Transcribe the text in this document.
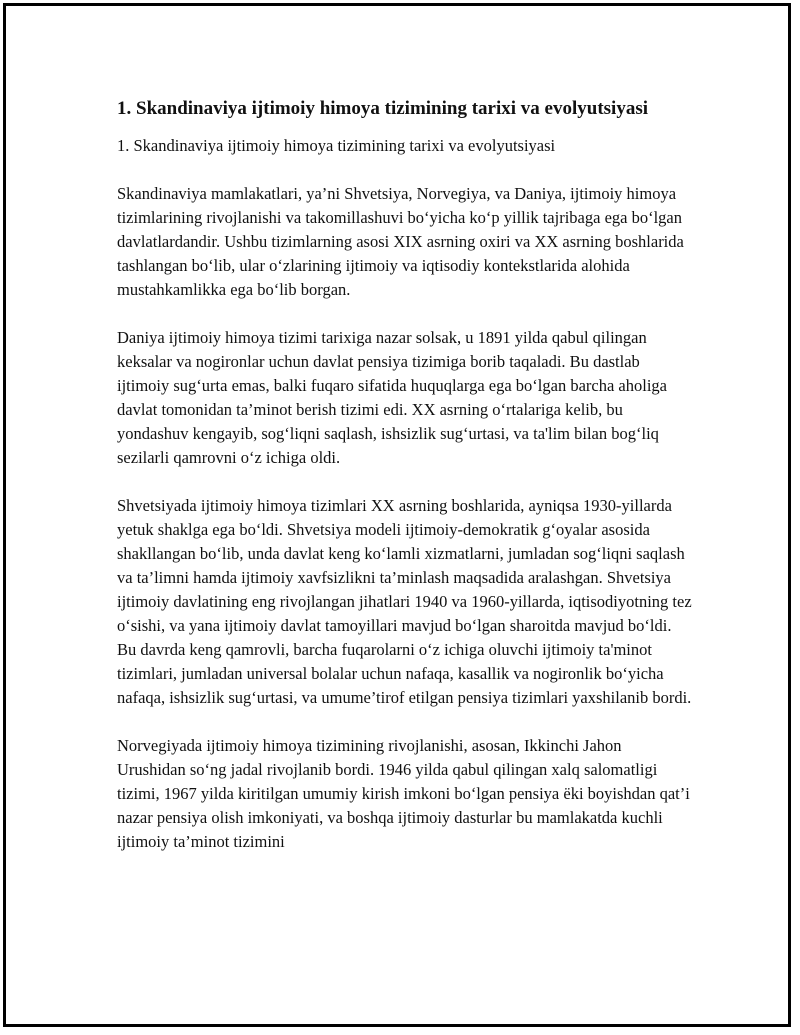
1. Skandinaviya ijtimoiy himoya tizimining tarixi va evolyutsiyasi

1. Skandinaviya ijtimoiy himoya tizimining tarixi va evolyutsiyasi

Skandinaviya mamlakatlari, ya’ni Shvetsiya, Norvegiya, va Daniya, ijtimoiy himoya tizimlarining rivojlanishi va takomillashuvi bo‘yicha ko‘p yillik tajribaga ega bo‘lgan davlatlardandir. Ushbu tizimlarning asosi XIX asrning oxiri va XX asrning boshlarida tashlangan bo‘lib, ular o‘zlarining ijtimoiy va iqtisodiy kontekstlarida alohida mustahkamlikka ega bo‘lib borgan.

Daniya ijtimoiy himoya tizimi tarixiga nazar solsak, u 1891 yilda qabul qilingan keksalar va nogironlar uchun davlat pensiya tizimiga borib taqaladi. Bu dastlab ijtimoiy sug‘urta emas, balki fuqaro sifatida huquqlarga ega bo‘lgan barcha aholiga davlat tomonidan ta’minot berish tizimi edi. XX asrning o‘rtalariga kelib, bu yondashuv kengayib, sog‘liqni saqlash, ishsizlik sug‘urtasi, va ta'lim bilan bog‘liq sezilarli qamrovni o‘z ichiga oldi.

Shvetsiyada ijtimoiy himoya tizimlari XX asrning boshlarida, ayniqsa 1930-yillarda yetuk shaklga ega bo‘ldi. Shvetsiya modeli ijtimoiy-demokratik g‘oyalar asosida shakllangan bo‘lib, unda davlat keng ko‘lamli xizmatlarni, jumladan sog‘liqni saqlash va ta’limni hamda ijtimoiy xavfsizlikni ta’minlash maqsadida aralashgan. Shvetsiya ijtimoiy davlatining eng rivojlangan jihatlari 1940 va 1960-yillarda, iqtisodiyotning tez o‘sishi, va yana ijtimoiy davlat tamoyillari mavjud bo‘lgan sharoitda mavjud bo‘ldi. Bu davrda keng qamrovli, barcha fuqarolarni o‘z ichiga oluvchi ijtimoiy ta'minot tizimlari, jumladan universal bolalar uchun nafaqa, kasallik va nogironlik bo‘yicha nafaqa, ishsizlik sug‘urtasi, va umume’tirof etilgan pensiya tizimlari yaxshilanib bordi.

Norvegiyada ijtimoiy himoya tizimining rivojlanishi, asosan, Ikkinchi Jahon Urushidan so‘ng jadal rivojlanib bordi. 1946 yilda qabul qilingan xalq salomatligi tizimi, 1967 yilda kiritilgan umumiy kirish imkoni bo‘lgan pensiya ёki boyishdan qat’i nazar pensiya olish imkoniyati, va boshqa ijtimoiy dasturlar bu mamlakatda kuchli ijtimoiy ta’minot tizimini
